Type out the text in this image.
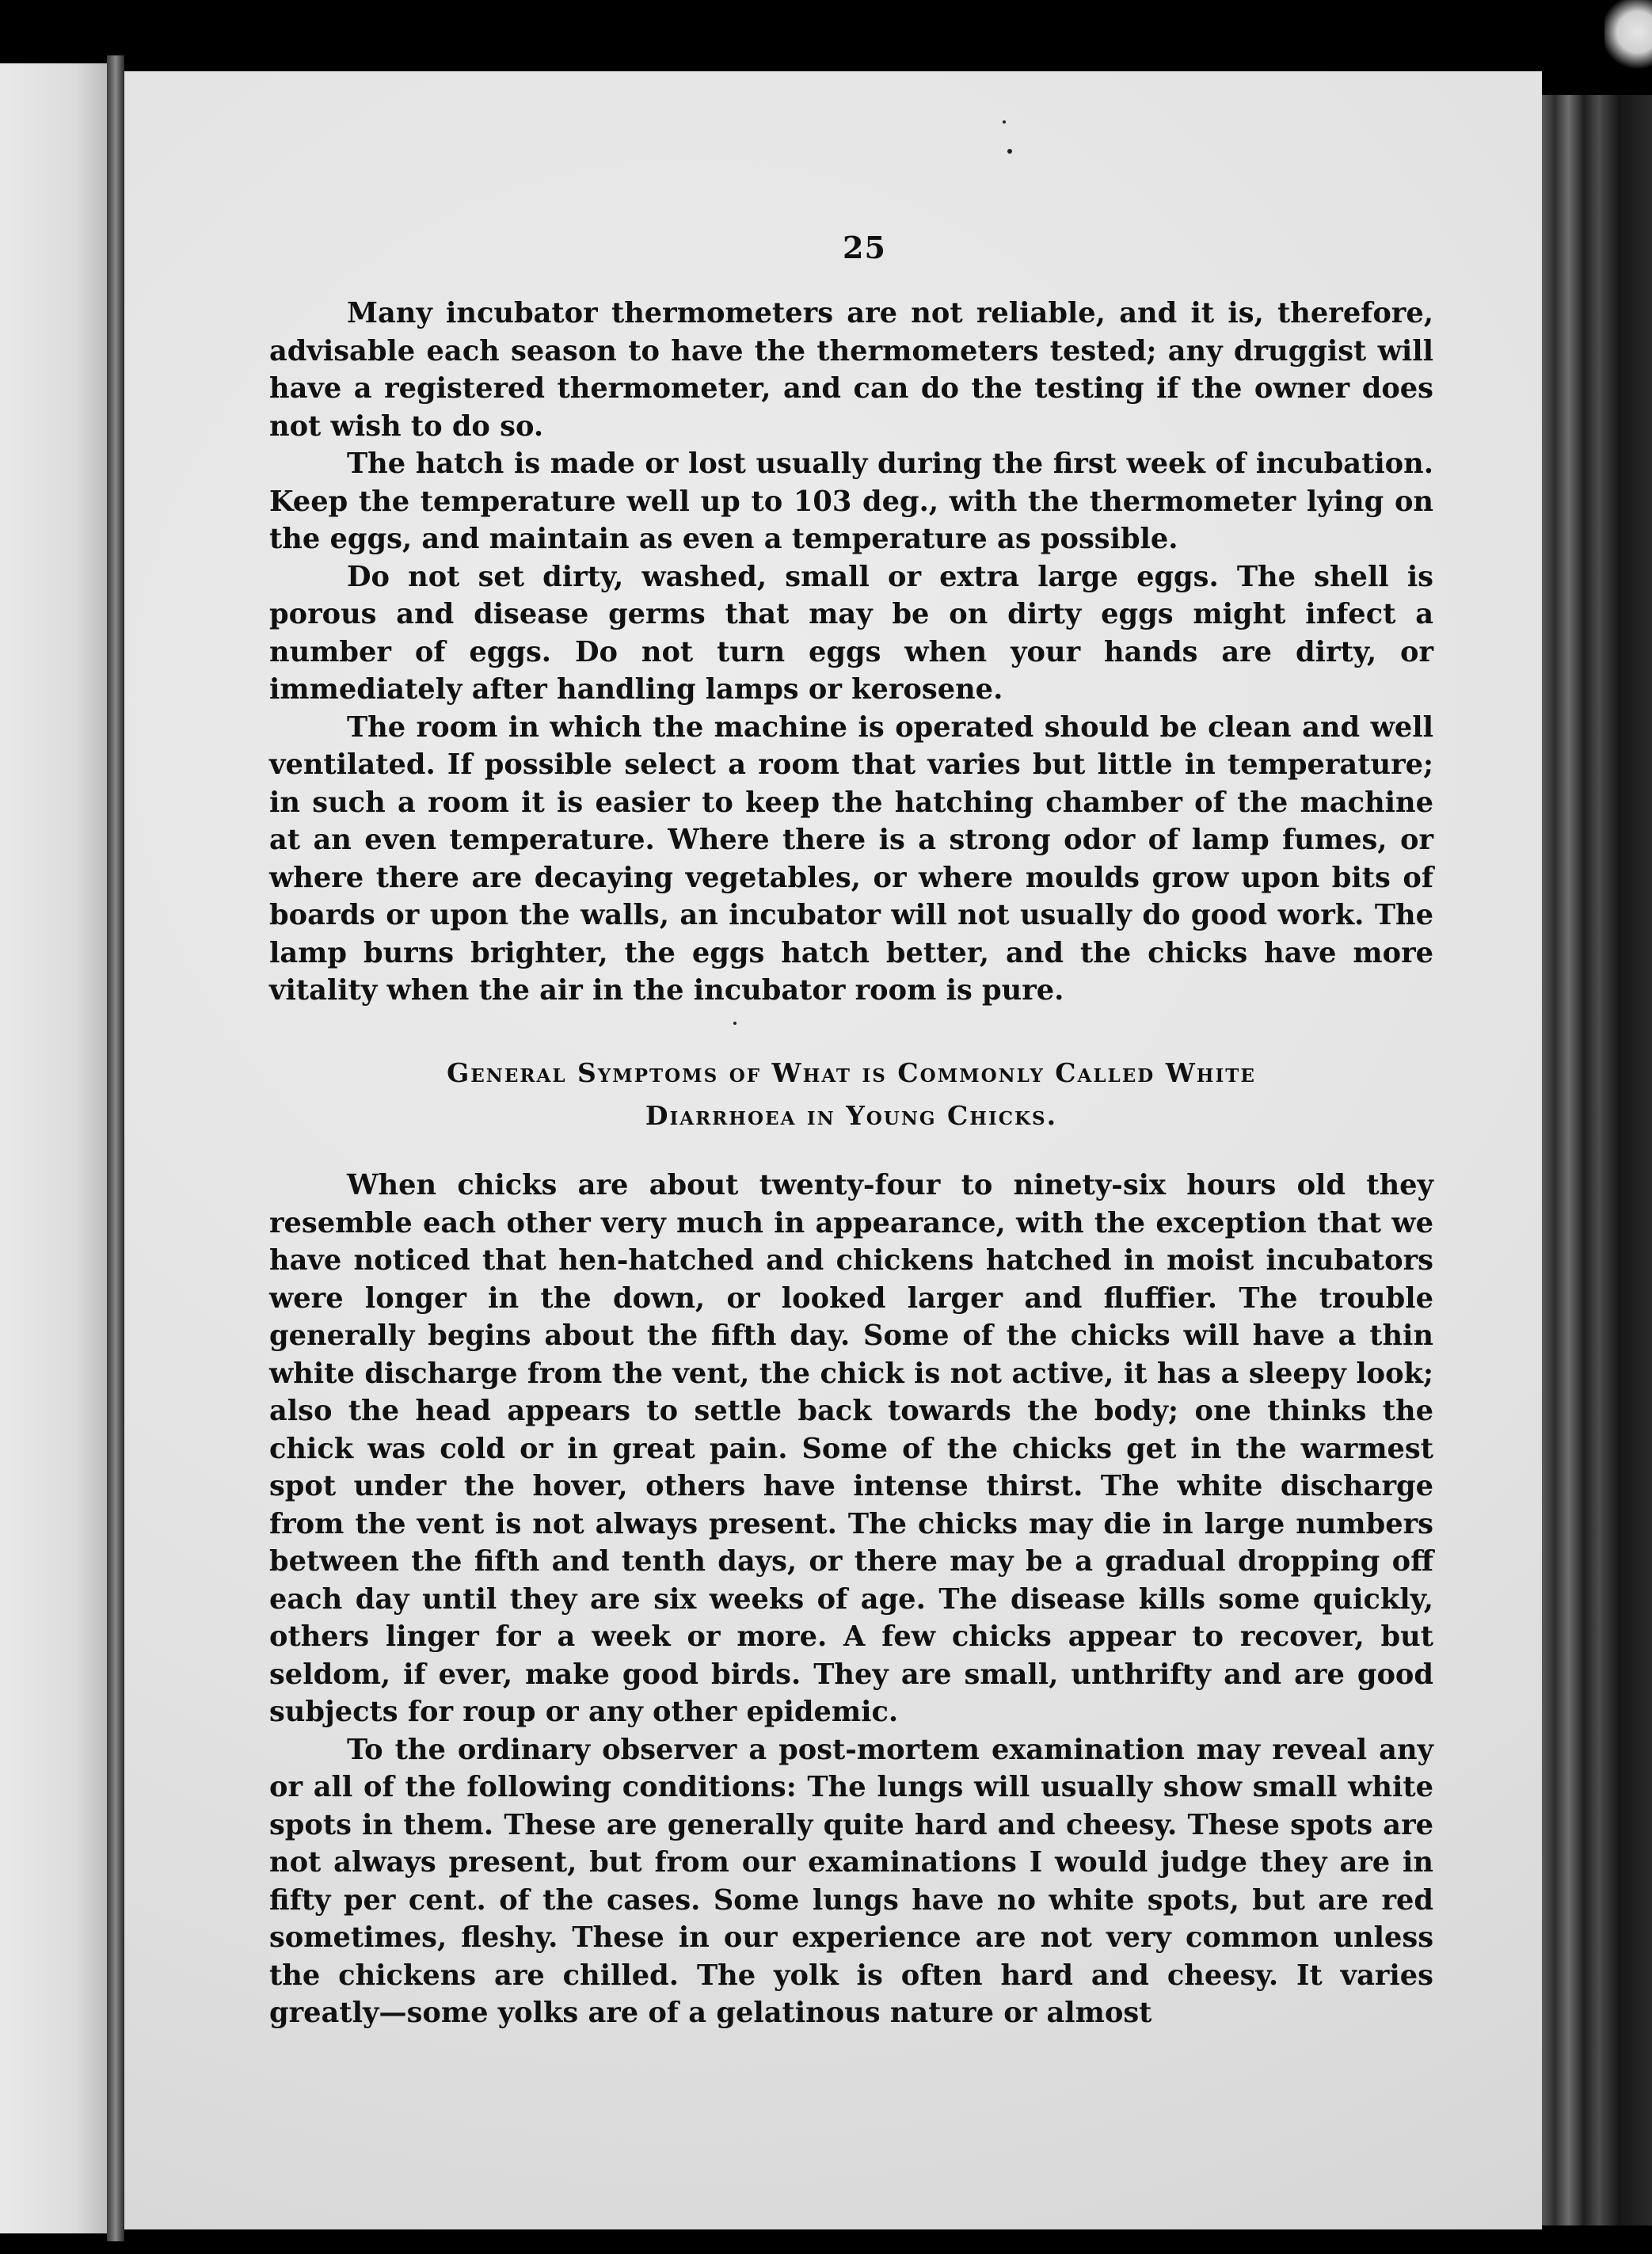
25

Many incubator thermometers are not reliable, and it is, therefore, advisable each season to have the thermometers tested; any druggist will have a registered thermometer, and can do the testing if the owner does not wish to do so.

The hatch is made or lost usually during the first week of incubation. Keep the temperature well up to 103 deg., with the thermometer lying on the eggs, and maintain as even a temperature as possible.

Do not set dirty, washed, small or extra large eggs. The shell is porous and disease germs that may be on dirty eggs might infect a number of eggs. Do not turn eggs when your hands are dirty, or immediately after handling lamps or kerosene.

The room in which the machine is operated should be clean and well ventilated. If possible select a room that varies but little in temperature; in such a room it is easier to keep the hatching chamber of the machine at an even temperature. Where there is a strong odor of lamp fumes, or where there are decaying vegetables, or where moulds grow upon bits of boards or upon the walls, an incubator will not usually do good work. The lamp burns brighter, the eggs hatch better, and the chicks have more vitality when the air in the incubator room is pure.

General Symptoms of What is Commonly Called White
Diarrhoea in Young Chicks.

When chicks are about twenty-four to ninety-six hours old they resemble each other very much in appearance, with the exception that we have noticed that hen-hatched and chickens hatched in moist incubators were longer in the down, or looked larger and fluffier. The trouble generally begins about the fifth day. Some of the chicks will have a thin white discharge from the vent, the chick is not active, it has a sleepy look; also the head appears to settle back towards the body; one thinks the chick was cold or in great pain. Some of the chicks get in the warmest spot under the hover, others have intense thirst. The white discharge from the vent is not always present. The chicks may die in large numbers between the fifth and tenth days, or there may be a gradual dropping off each day until they are six weeks of age. The disease kills some quickly, others linger for a week or more. A few chicks appear to recover, but seldom, if ever, make good birds. They are small, unthrifty and are good subjects for roup or any other epidemic.

To the ordinary observer a post-mortem examination may reveal any or all of the following conditions: The lungs will usually show small white spots in them. These are generally quite hard and cheesy. These spots are not always present, but from our examinations I would judge they are in fifty per cent. of the cases. Some lungs have no white spots, but are red sometimes, fleshy. These in our experience are not very common unless the chickens are chilled. The yolk is often hard and cheesy. It varies greatly—some yolks are of a gelatinous nature or almost
